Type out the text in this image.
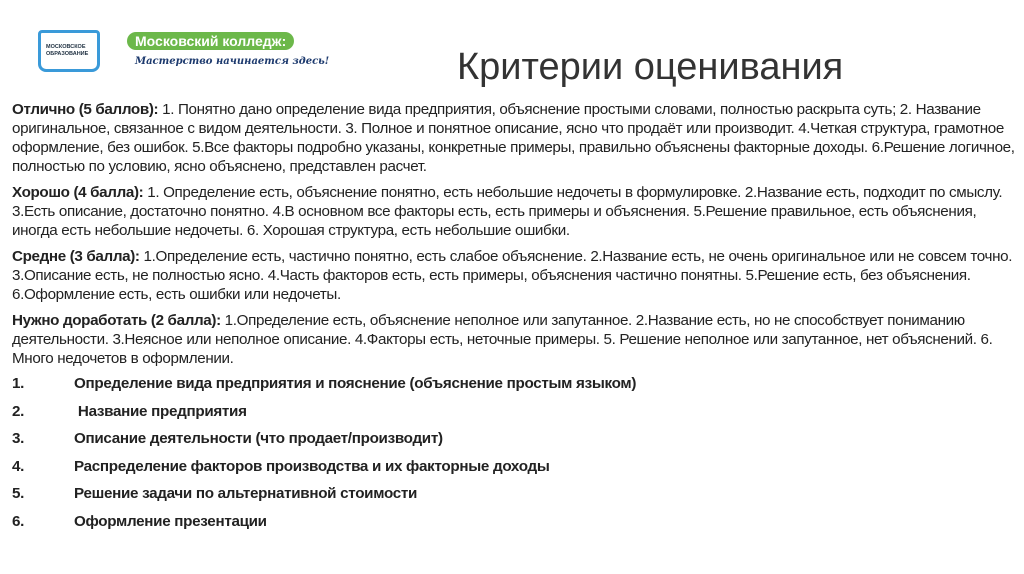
МОСКОВСКОЕ ОБРАЗОВАНИЕ
Московский колледж:
Мастерство начинается здесь!	Критерии оценивания

Отлично (5 баллов): 1. Понятно дано определение вида предприятия, объяснение простыми словами, полностью раскрыта суть; 2. Название оригинальное, связанное с видом деятельности. 3. Полное и понятное описание, ясно что продаёт или производит. 4.Четкая структура, грамотное оформление, без ошибок. 5.Все факторы подробно указаны, конкретные примеры, правильно объяснены факторные доходы. 6.Решение логичное, полностью по условию, ясно объяснено, представлен расчет.

Хорошо (4 балла): 1. Определение есть, объяснение понятно, есть небольшие недочеты в формулировке. 2.Название есть, подходит по смыслу. 3.Есть описание, достаточно понятно. 4.В основном все факторы есть, есть примеры и объяснения. 5.Решение правильное, есть объяснения, иногда есть небольшие недочеты. 6. Хорошая структура, есть небольшие ошибки.

Средне (3 балла): 1.Определение есть, частично понятно, есть слабое объяснение. 2.Название есть, не очень оригинальное или не совсем точно. 3.Описание есть, не полностью ясно. 4.Часть факторов есть, есть примеры, объяснения частично понятны. 5.Решение есть, без объяснения. 6.Оформление есть, есть ошибки или недочеты.

Нужно доработать (2 балла): 1.Определение есть, объяснение неполное или запутанное. 2.Название есть, но не способствует пониманию деятельности. 3.Неясное или неполное описание. 4.Факторы есть, неточные примеры. 5. Решение неполное или запутанное, нет объяснений. 6. Много недочетов в оформлении.

1.	Определение вида предприятия и пояснение (объяснение простым языком)
2.	Название предприятия
3.	Описание деятельности (что продает/производит)
4.	Распределение факторов производства и их факторные доходы
5.	Решение задачи по альтернативной стоимости
6.	Оформление презентации
